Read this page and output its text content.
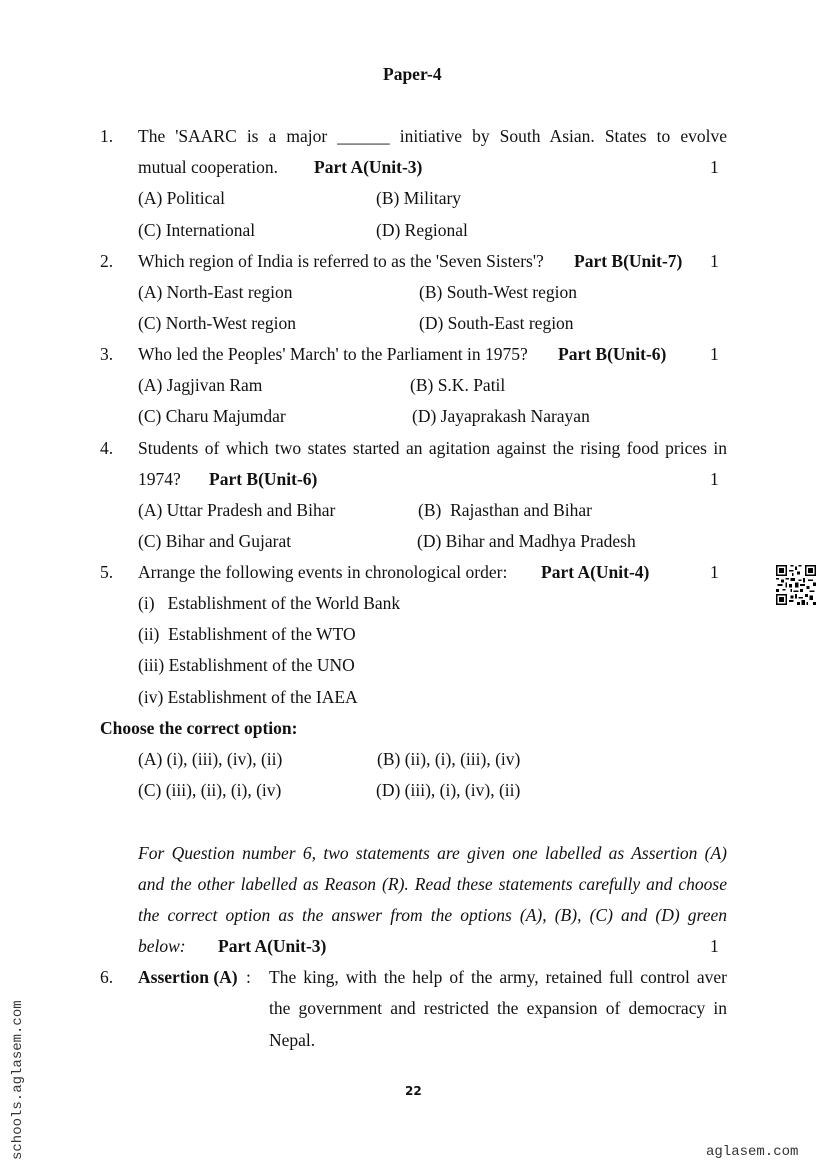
Paper-4
1. The 'SAARC is a major ______ initiative by South Asian. States to evolve
mutual cooperation. Part A(Unit-3)	1
(A) Political	(B) Military
(C) International	(D) Regional
2. Which region of India is referred to as the 'Seven Sisters'? Part B(Unit-7) 1
(A) North-East region	(B) South-West region
(C) North-West region	(D) South-East region
3. Who led the Peoples' March' to the Parliament in 1975? Part B(Unit-6) 1
(A) Jagjivan Ram	(B) S.K. Patil
(C) Charu Majumdar	(D) Jayaprakash Narayan
4. Students of which two states started an agitation against the rising food prices in
1974? Part B(Unit-6)	1
(A) Uttar Pradesh and Bihar	(B)  Rajasthan and Bihar
(C) Bihar and Gujarat	(D) Bihar and Madhya Pradesh
5. Arrange the following events in chronological order: Part A(Unit-4)	1
(i)   Establishment of the World Bank
(ii)  Establishment of the WTO
(iii) Establishment of the UNO
(iv) Establishment of the IAEA
Choose the correct option:
(A) (i), (iii), (iv), (ii)	(B) (ii), (i), (iii), (iv)
(C) (iii), (ii), (i), (iv)	(D) (iii), (i), (iv), (ii)
For Question number 6, two statements are given one labelled as Assertion (A)
and the other labelled as Reason (R). Read these statements carefully and choose
the correct option as the answer from the options (A), (B), (C) and (D) green
below: Part A(Unit-3)	1
6. Assertion (A) : The king, with the help of the army, retained full control aver
the government and restricted the expansion of democracy in
Nepal.
22
schools.aglasem.com	aglasem.com
